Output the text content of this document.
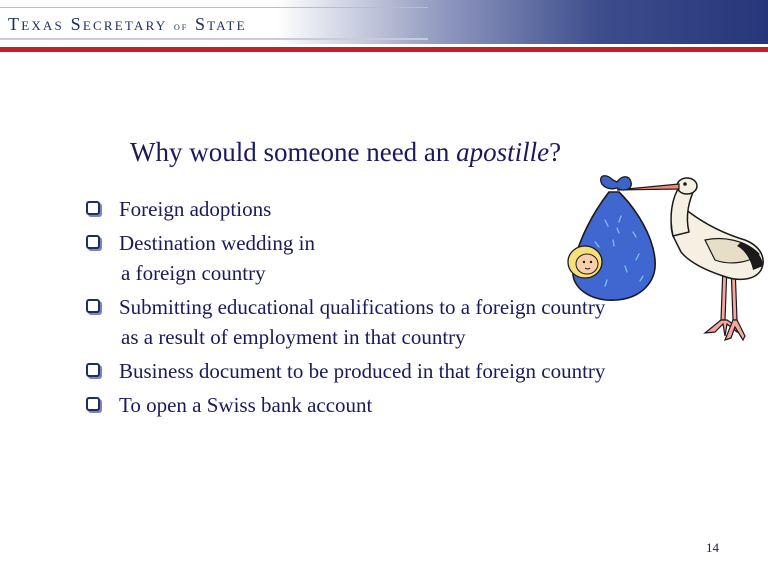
Texas Secretary of State
Why would someone need an apostille?
Foreign adoptions
Destination wedding in
a foreign country
Submitting educational qualifications to a foreign country
as a result of employment in that country
Business document to be produced in that foreign country
To open a Swiss bank account
14
